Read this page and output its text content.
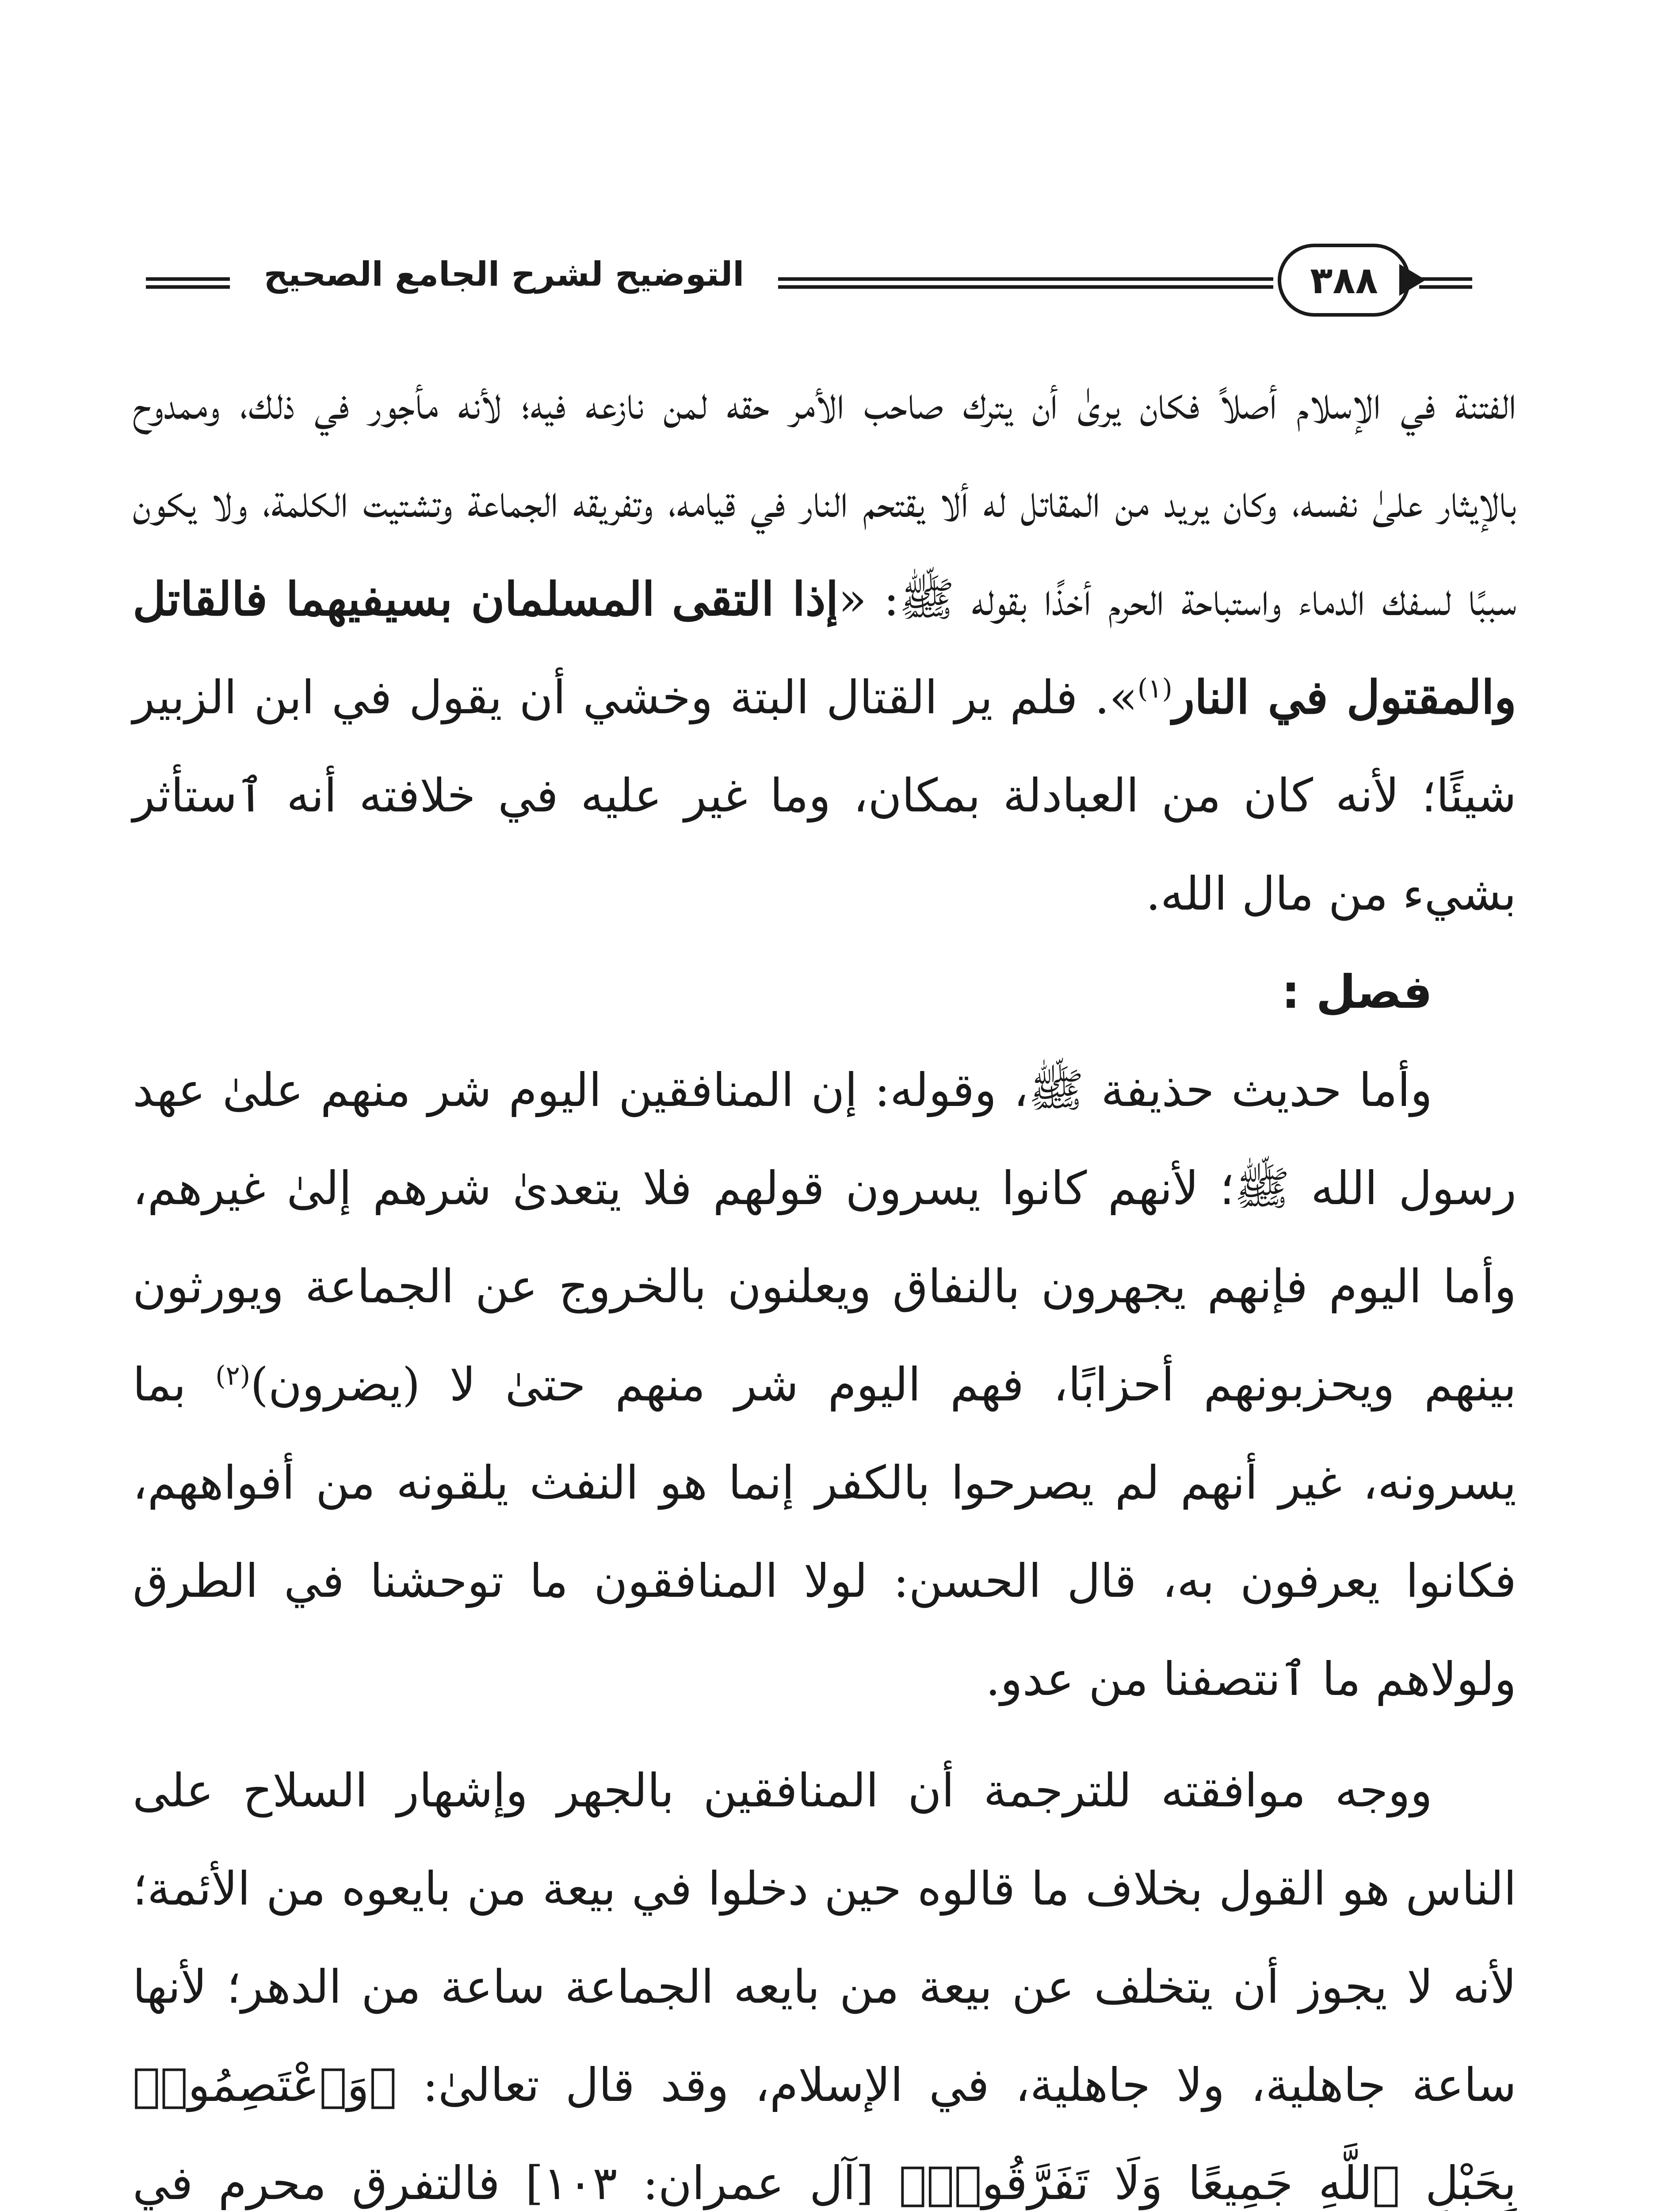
التوضيح لشرح الجامع الصحيح	٣٨٨

الفتنة في الإسلام أصلاً فكان يرىٰ أن يترك صاحب الأمر حقه لمن نازعه فيه؛ لأنه مأجور في ذلك، وممدوح بالإيثار علىٰ نفسه، وكان يريد من المقاتل له ألا يقتحم النار في قيامه، وتفريقه الجماعة وتشتيت الكلمة، ولا يكون سببًا لسفك الدماء واستباحة الحرم أخذًا بقوله ﷺ: «إذا التقى المسلمان بسيفيهما فالقاتل والمقتول في النار$^{(١)}$». فلم ير القتال البتة وخشي أن يقول في ابن الزبير شيئًا؛ لأنه كان من العبادلة بمكان، وما غير عليه في خلافته أنه ٱستأثر بشيء من مال الله.

فصل :

وأما حديث حذيفة ﷺ، وقوله: إن المنافقين اليوم شر منهم علىٰ عهد رسول الله ﷺ؛ لأنهم كانوا يسرون قولهم فلا يتعدىٰ شرهم إلىٰ غيرهم، وأما اليوم فإنهم يجهرون بالنفاق ويعلنون بالخروج عن الجماعة ويورثون بينهم ويحزبونهم أحزابًا، فهم اليوم شر منهم حتىٰ لا (يضرون)$^{(٢)}$ بما يسرونه، غير أنهم لم يصرحوا بالكفر إنما هو النفث يلقونه من أفواههم، فكانوا يعرفون به، قال الحسن: لولا المنافقون ما توحشنا في الطرق ولولاهم ما ٱنتصفنا من عدو.

ووجه موافقته للترجمة أن المنافقين بالجهر وإشهار السلاح على الناس هو القول بخلاف ما قالوه حين دخلوا في بيعة من بايعوه من الأئمة؛ لأنه لا يجوز أن يتخلف عن بيعة من بايعه الجماعة ساعة من الدهر؛ لأنها ساعة جاهلية، ولا جاهلية، في الإسلام، وقد قال تعالىٰ: ﴿وَٱعْتَصِمُوا۟ بِحَبْلِ ٱللَّهِ جَمِيعًا وَلَا تَفَرَّقُوا۟﴾ [آل عمران: ١٠٣] فالتفرق محرم في
